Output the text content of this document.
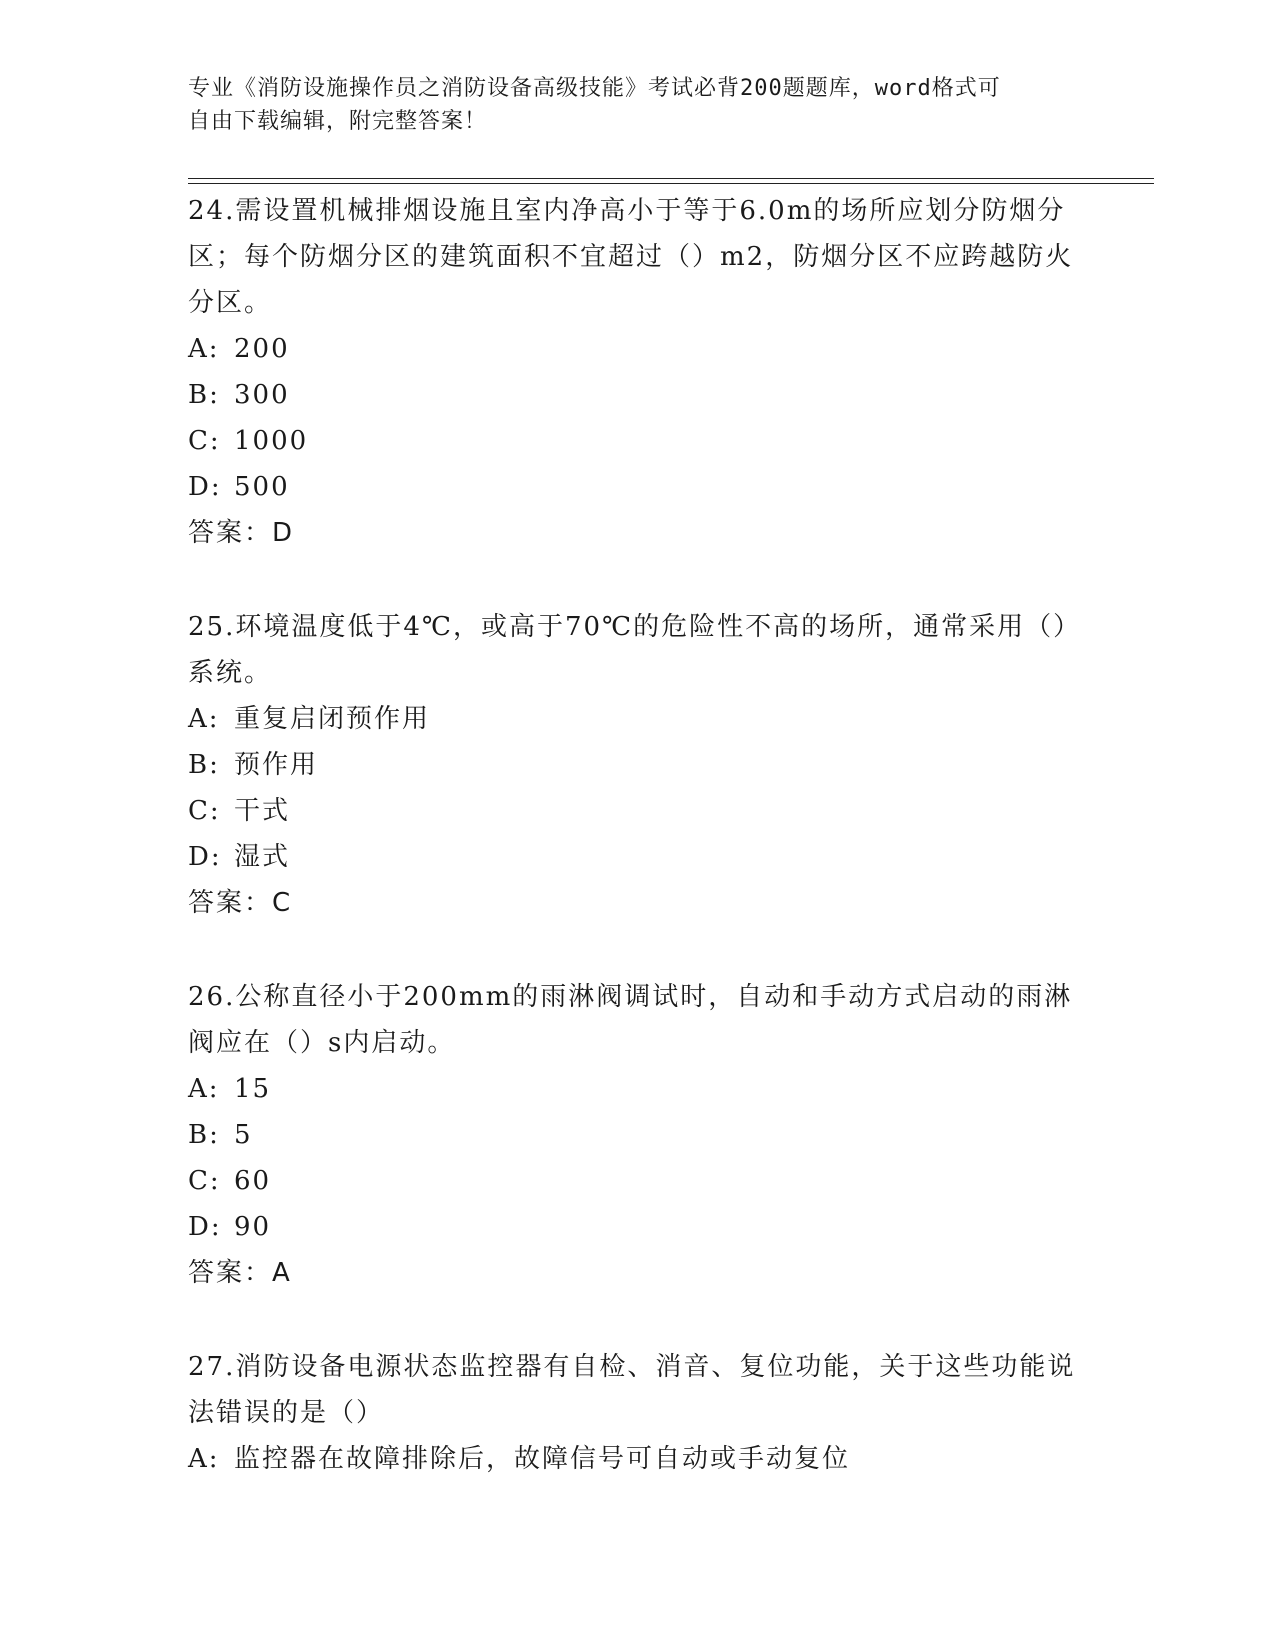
专业《消防设施操作员之消防设备高级技能》考试必背200题题库，word格式可
自由下载编辑，附完整答案！

24.需设置机械排烟设施且室内净高小于等于6.0m的场所应划分防烟分区；每个防烟分区的建筑面积不宜超过（）m2，防烟分区不应跨越防火分区。

A: 200
B: 300
C: 1000
D: 500
答案：D

25.环境温度低于4℃，或高于70℃的危险性不高的场所，通常采用（）系统。

A: 重复启闭预作用
B: 预作用
C: 干式
D: 湿式
答案：C

26.公称直径小于200mm的雨淋阀调试时，自动和手动方式启动的雨淋阀应在（）s内启动。

A: 15
B: 5
C: 60
D: 90
答案：A

27.消防设备电源状态监控器有自检、消音、复位功能，关于这些功能说法错误的是（）

A: 监控器在故障排除后，故障信号可自动或手动复位
